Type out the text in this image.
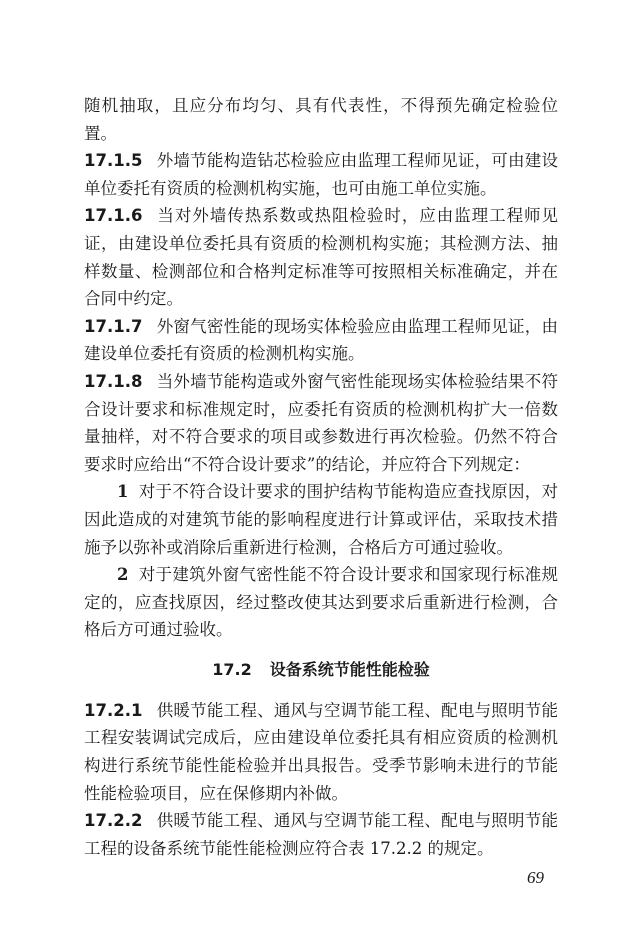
随机抽取，且应分布均匀、具有代表性，不得预先确定检验位置。

17.1.5 外墙节能构造钻芯检验应由监理工程师见证，可由建设单位委托有资质的检测机构实施，也可由施工单位实施。

17.1.6 当对外墙传热系数或热阻检验时，应由监理工程师见证，由建设单位委托具有资质的检测机构实施；其检测方法、抽样数量、检测部位和合格判定标准等可按照相关标准确定，并在合同中约定。

17.1.7 外窗气密性能的现场实体检验应由监理工程师见证，由建设单位委托有资质的检测机构实施。

17.1.8 当外墙节能构造或外窗气密性能现场实体检验结果不符合设计要求和标准规定时，应委托有资质的检测机构扩大一倍数量抽样，对不符合要求的项目或参数进行再次检验。仍然不符合要求时应给出“不符合设计要求”的结论，并应符合下列规定：

1 对于不符合设计要求的围护结构节能构造应查找原因，对因此造成的对建筑节能的影响程度进行计算或评估，采取技术措施予以弥补或消除后重新进行检测，合格后方可通过验收。

2 对于建筑外窗气密性能不符合设计要求和国家现行标准规定的，应查找原因，经过整改使其达到要求后重新进行检测，合格后方可通过验收。

17.2 设备系统节能性能检验

17.2.1 供暖节能工程、通风与空调节能工程、配电与照明节能工程安装调试完成后，应由建设单位委托具有相应资质的检测机构进行系统节能性能检验并出具报告。受季节影响未进行的节能性能检验项目，应在保修期内补做。

17.2.2 供暖节能工程、通风与空调节能工程、配电与照明节能工程的设备系统节能性能检测应符合表 17.2.2 的规定。

69
